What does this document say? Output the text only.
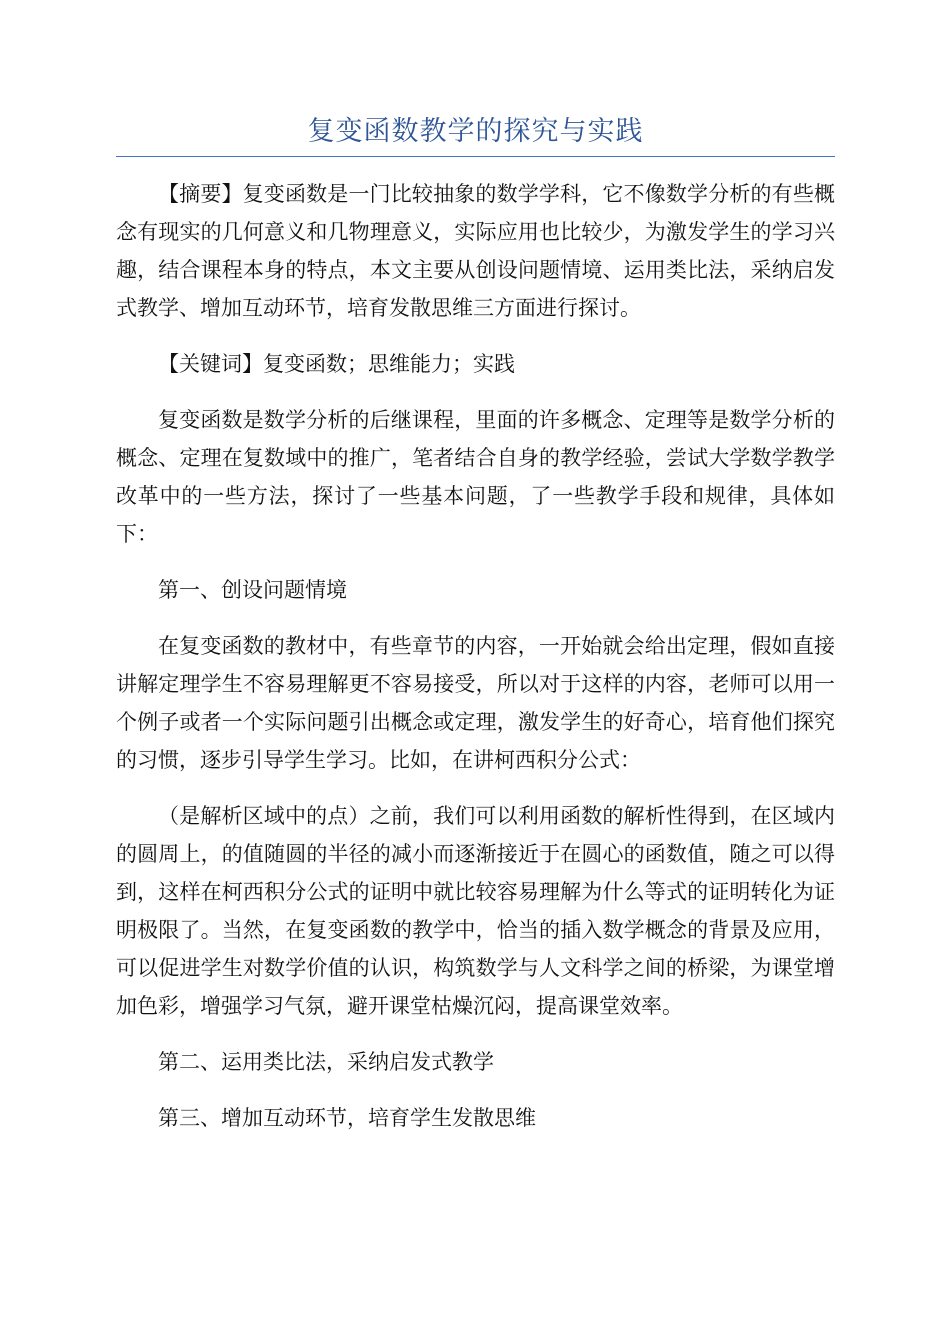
复变函数教学的探究与实践

【摘要】复变函数是一门比较抽象的数学学科，它不像数学分析的有些概念有现实的几何意义和几物理意义，实际应用也比较少，为激发学生的学习兴趣，结合课程本身的特点，本文主要从创设问题情境、运用类比法，采纳启发式教学、增加互动环节，培育发散思维三方面进行探讨。

【关键词】复变函数；思维能力；实践

复变函数是数学分析的后继课程，里面的许多概念、定理等是数学分析的概念、定理在复数域中的推广，笔者结合自身的教学经验，尝试大学数学教学改革中的一些方法，探讨了一些基本问题，了一些教学手段和规律，具体如下：

第一、创设问题情境

在复变函数的教材中，有些章节的内容，一开始就会给出定理，假如直接讲解定理学生不容易理解更不容易接受，所以对于这样的内容，老师可以用一个例子或者一个实际问题引出概念或定理，激发学生的好奇心，培育他们探究的习惯，逐步引导学生学习。比如，在讲柯西积分公式：

（是解析区域中的点）之前，我们可以利用函数的解析性得到，在区域内的圆周上，的值随圆的半径的减小而逐渐接近于在圆心的函数值，随之可以得到，这样在柯西积分公式的证明中就比较容易理解为什么等式的证明转化为证明极限了。当然，在复变函数的教学中，恰当的插入数学概念的背景及应用，可以促进学生对数学价值的认识，构筑数学与人文科学之间的桥梁，为课堂增加色彩，增强学习气氛，避开课堂枯燥沉闷，提高课堂效率。

第二、运用类比法，采纳启发式教学

第三、增加互动环节，培育学生发散思维
